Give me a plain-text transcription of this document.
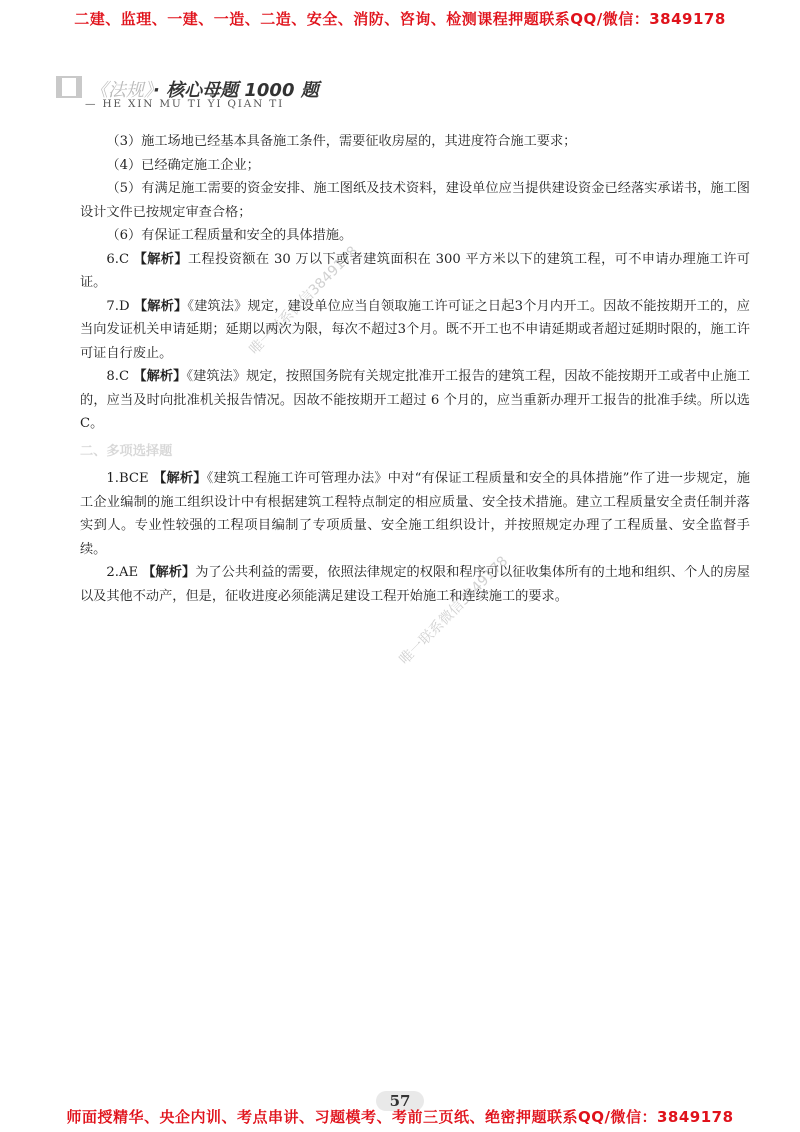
二建、监理、一建、一造、二造、安全、消防、咨询、检测课程押题联系QQ/微信：3849178
《法规》· 核心母题 1000 题
— HE XIN MU TI YI QIAN TI

（3）施工场地已经基本具备施工条件，需要征收房屋的，其进度符合施工要求；

（4）已经确定施工企业；

（5）有满足施工需要的资金安排、施工图纸及技术资料，建设单位应当提供建设资金已经落实承诺书，施工图设计文件已按规定审查合格；

（6）有保证工程质量和安全的具体措施。

6.C 【解析】工程投资额在 30 万以下或者建筑面积在 300 平方米以下的建筑工程，可不申请办理施工许可证。

7.D 【解析】《建筑法》规定，建设单位应当自领取施工许可证之日起3个月内开工。因故不能按期开工的，应当向发证机关申请延期；延期以两次为限，每次不超过3个月。既不开工也不申请延期或者超过延期时限的，施工许可证自行废止。

8.C 【解析】《建筑法》规定，按照国务院有关规定批准开工报告的建筑工程，因故不能按期开工或者中止施工的，应当及时向批准机关报告情况。因故不能按期开工超过 6 个月的，应当重新办理开工报告的批准手续。所以选 C。

二、多项选择题

1.BCE 【解析】《建筑工程施工许可管理办法》中对“有保证工程质量和安全的具体措施”作了进一步规定，施工企业编制的施工组织设计中有根据建筑工程特点制定的相应质量、安全技术措施。建立工程质量安全责任制并落实到人。专业性较强的工程项目编制了专项质量、安全施工组织设计，并按照规定办理了工程质量、安全监督手续。

2.AE 【解析】为了公共利益的需要，依照法律规定的权限和程序可以征收集体所有的土地和组织、个人的房屋以及其他不动产，但是，征收进度必须能满足建设工程开始施工和连续施工的要求。

唯一联系微信3849178
唯一联系微信3849178
57
师面授精华、央企内训、考点串讲、习题模考、考前三页纸、绝密押题联系QQ/微信：3849178
